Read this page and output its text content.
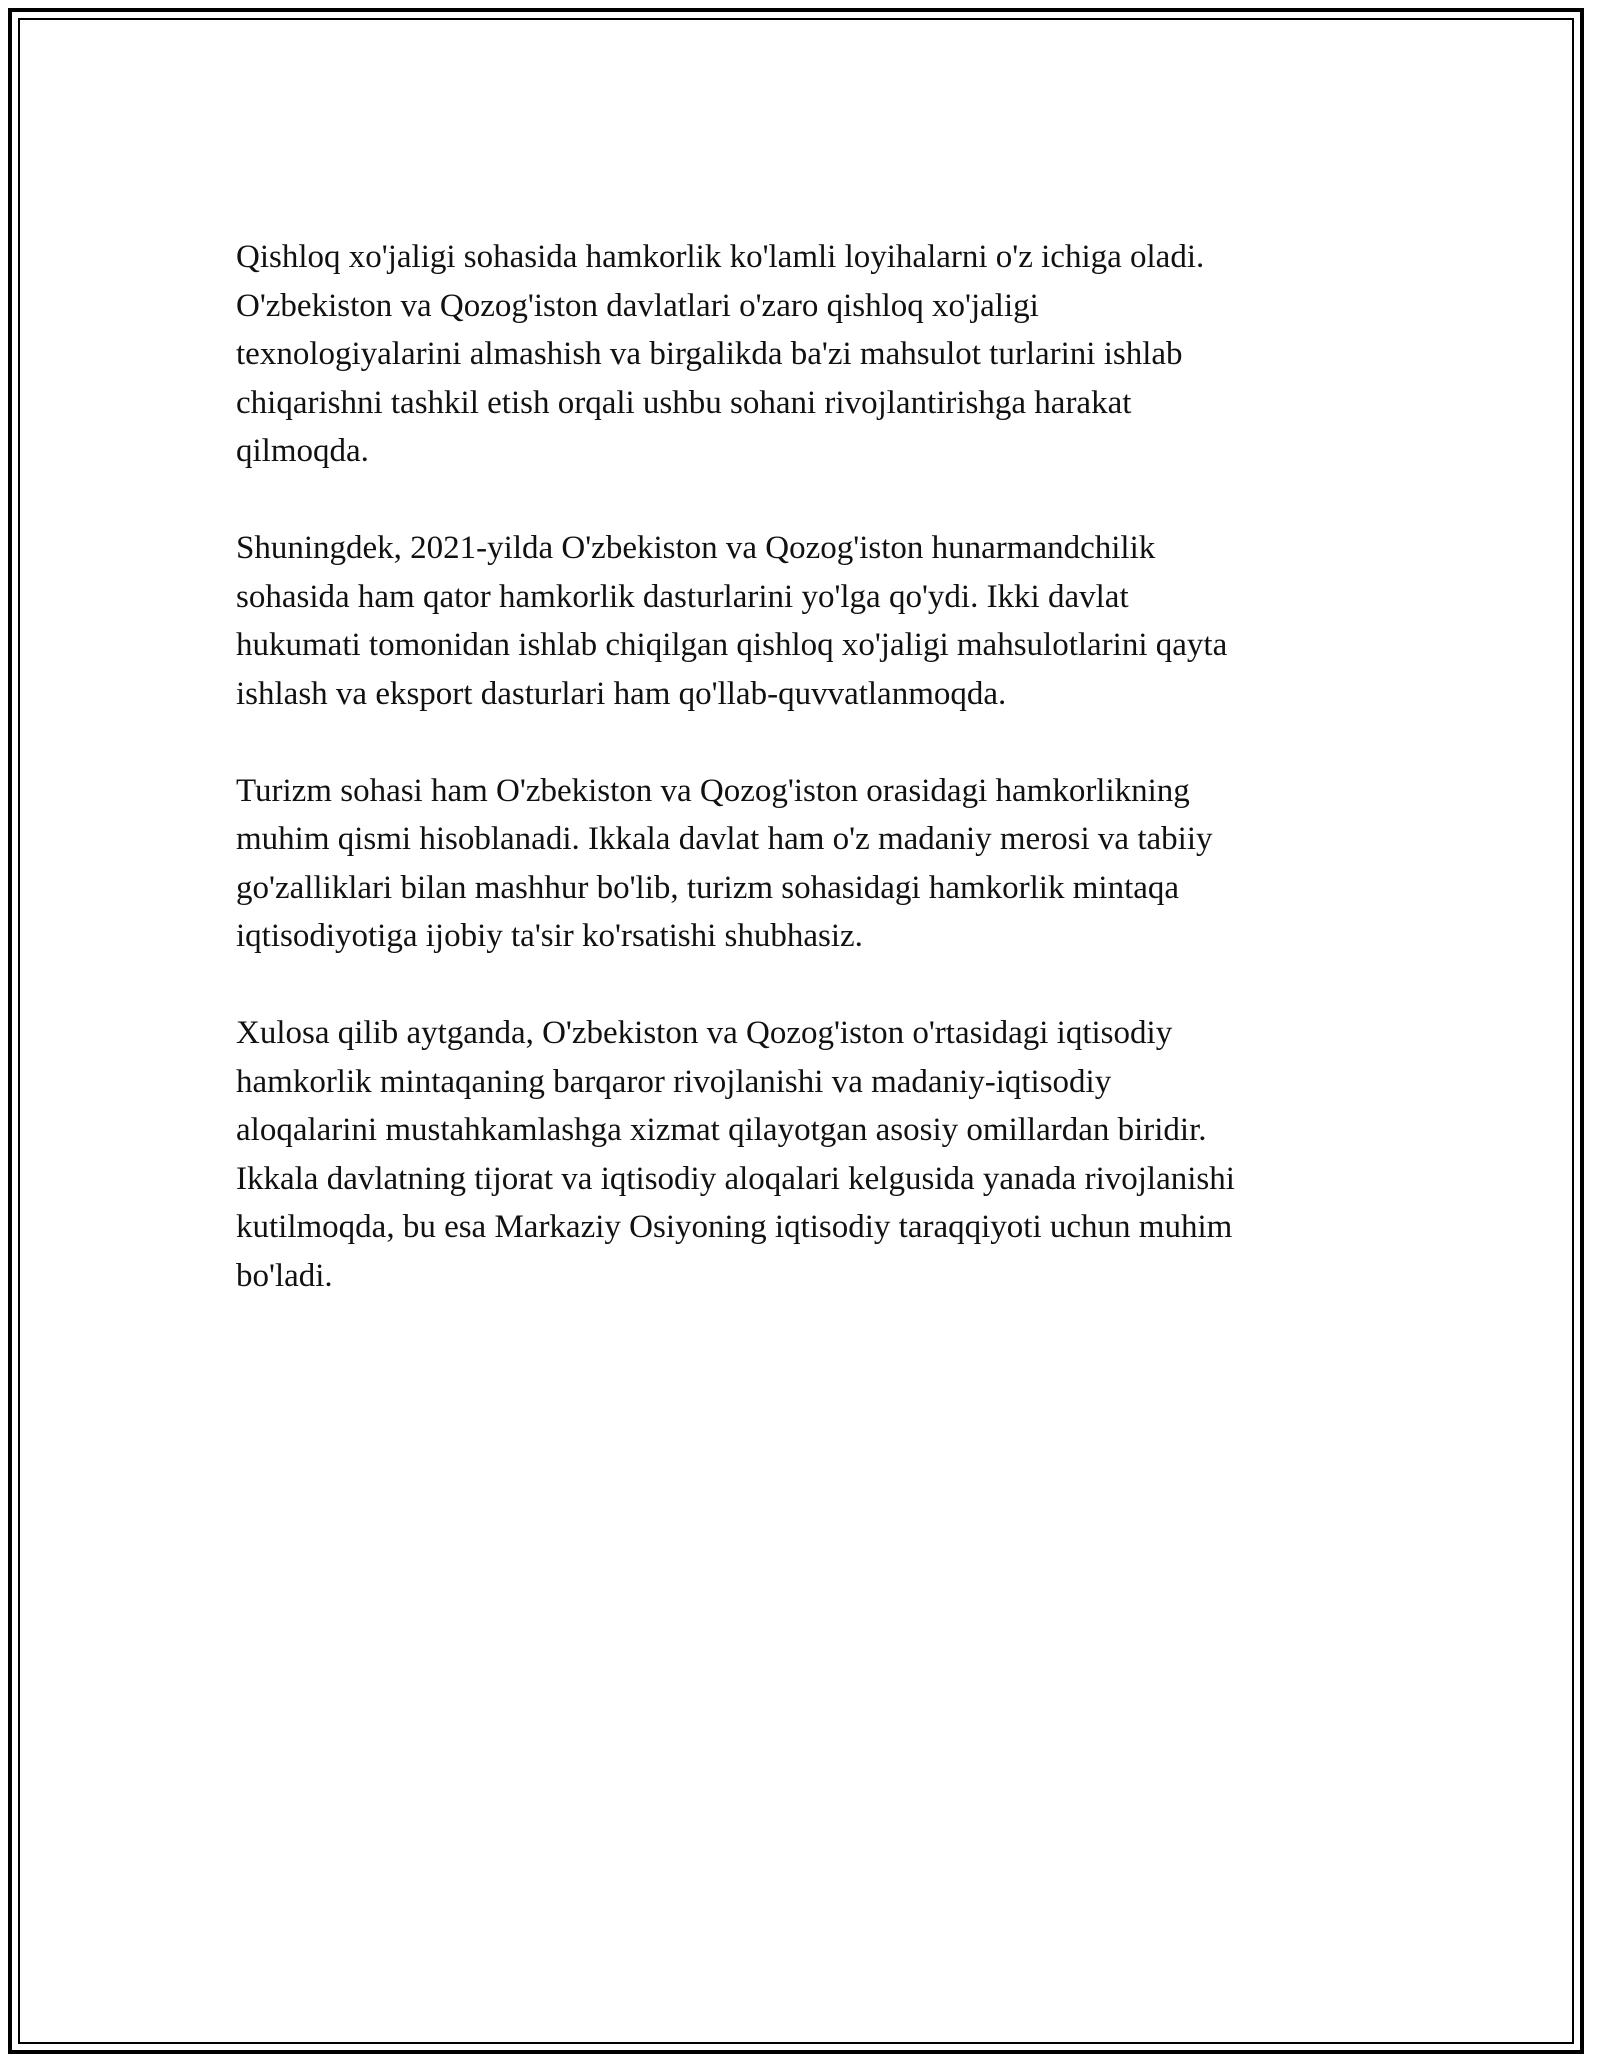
Qishloq xo'jaligi sohasida hamkorlik ko'lamli loyihalarni o'z ichiga oladi.
O'zbekiston va Qozog'iston davlatlari o'zaro qishloq xo'jaligi
texnologiyalarini almashish va birgalikda ba'zi mahsulot turlarini ishlab
chiqarishni tashkil etish orqali ushbu sohani rivojlantirishga harakat
qilmoqda.

Shuningdek, 2021-yilda O'zbekiston va Qozog'iston hunarmandchilik
sohasida ham qator hamkorlik dasturlarini yo'lga qo'ydi. Ikki davlat
hukumati tomonidan ishlab chiqilgan qishloq xo'jaligi mahsulotlarini qayta
ishlash va eksport dasturlari ham qo'llab-quvvatlanmoqda.

Turizm sohasi ham O'zbekiston va Qozog'iston orasidagi hamkorlikning
muhim qismi hisoblanadi. Ikkala davlat ham o'z madaniy merosi va tabiiy
go'zalliklari bilan mashhur bo'lib, turizm sohasidagi hamkorlik mintaqa
iqtisodiyotiga ijobiy ta'sir ko'rsatishi shubhasiz.

Xulosa qilib aytganda, O'zbekiston va Qozog'iston o'rtasidagi iqtisodiy
hamkorlik mintaqaning barqaror rivojlanishi va madaniy-iqtisodiy
aloqalarini mustahkamlashga xizmat qilayotgan asosiy omillardan biridir.
Ikkala davlatning tijorat va iqtisodiy aloqalari kelgusida yanada rivojlanishi
kutilmoqda, bu esa Markaziy Osiyoning iqtisodiy taraqqiyoti uchun muhim
bo'ladi.
